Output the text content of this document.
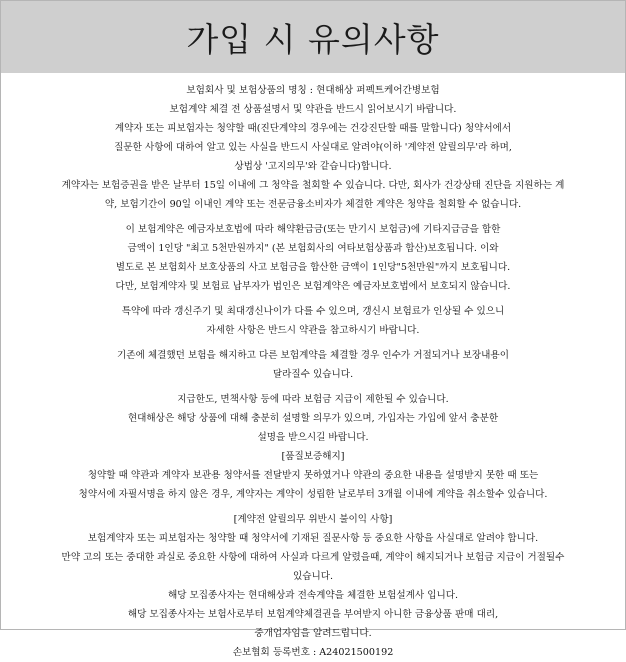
가입 시 유의사항
보험회사 및 보험상품의 명칭 : 현대해상 퍼펙트케어간병보험
보험계약 체결 전 상품설명서 및 약관을 반드시 읽어보시기 바랍니다.
계약자 또는 피보험자는 청약할 때(진단계약의 경우에는 건강진단할 때를 말합니다) 청약서에서
질문한 사항에 대하여 알고 있는 사실을 반드시 사실대로 알려야(이하 '계약전 알릴의무'라 하며,
상법상 '고지의무'와 같습니다)합니다.
계약자는 보험증권을 받은 날부터 15일 이내에 그 청약을 철회할 수 있습니다. 다만, 회사가 건강상태 진단을 지원하는 계
약, 보험기간이 90일 이내인 계약 또는 전문금융소비자가 체결한 계약은 청약을 철회할 수 없습니다.
이 보험계약은 예금자보호법에 따라 해약환급금(또는 만기시 보험금)에 기타지급금을 합한
금액이 1인당 "최고 5천만원까지" (본 보험회사의 여타보험상품과 합산)보호됩니다. 이와
별도로 본 보험회사 보호상품의 사고 보험금을 합산한 금액이 1인당"5천만원"까지 보호됩니다.
다만, 보험계약자 및 보험료 납부자가 법인은 보험계약은 예금자보호법에서 보호되지 않습니다.
특약에 따라 갱신주기 및 최대갱신나이가 다를 수 있으며, 갱신시 보험료가 인상될 수 있으니
자세한 사항은 반드시 약관을 참고하시기 바랍니다.
기존에 체결했던 보험을 해지하고 다른 보험계약을 체결할 경우 인수가 거절되거나 보장내용이
달라질수 있습니다.
지급한도, 면책사항 등에 따라 보험금 지급이 제한될 수 있습니다.
현대해상은 해당 상품에 대해 충분히 설명할 의무가 있으며, 가입자는 가입에 앞서 충분한
설명을 받으시길 바랍니다.
[품질보증해지]
청약할 때 약관과 계약자 보관용 청약서를 전달받지 못하였거나 약관의 중요한 내용을 설명받지 못한 때 또는
청약서에 자필서명을 하지 않은 경우, 계약자는 계약이 성립한 날로부터 3개월 이내에 계약을 취소할수 있습니다.
[계약전 알릴의무 위반시 불이익 사항]
보험계약자 또는 피보험자는 청약할 때 청약서에 기재된 질문사항 등 중요한 사항을 사실대로 알려야 합니다.
만약 고의 또는 중대한 과실로 중요한 사항에 대하여 사실과 다르게 알렸을때, 계약이 해지되거나 보험금 지급이 거절될수
있습니다.
해당 모집종사자는 현대해상과 전속계약을 체결한 보험설계사 입니다.
해당 모집종사자는 보험사로부터 보험계약체결권을 부여받지 아니한 금융상품 판매 대리,
중개업자임을 알려드립니다.
손보협회 등록번호 : A24021500192
